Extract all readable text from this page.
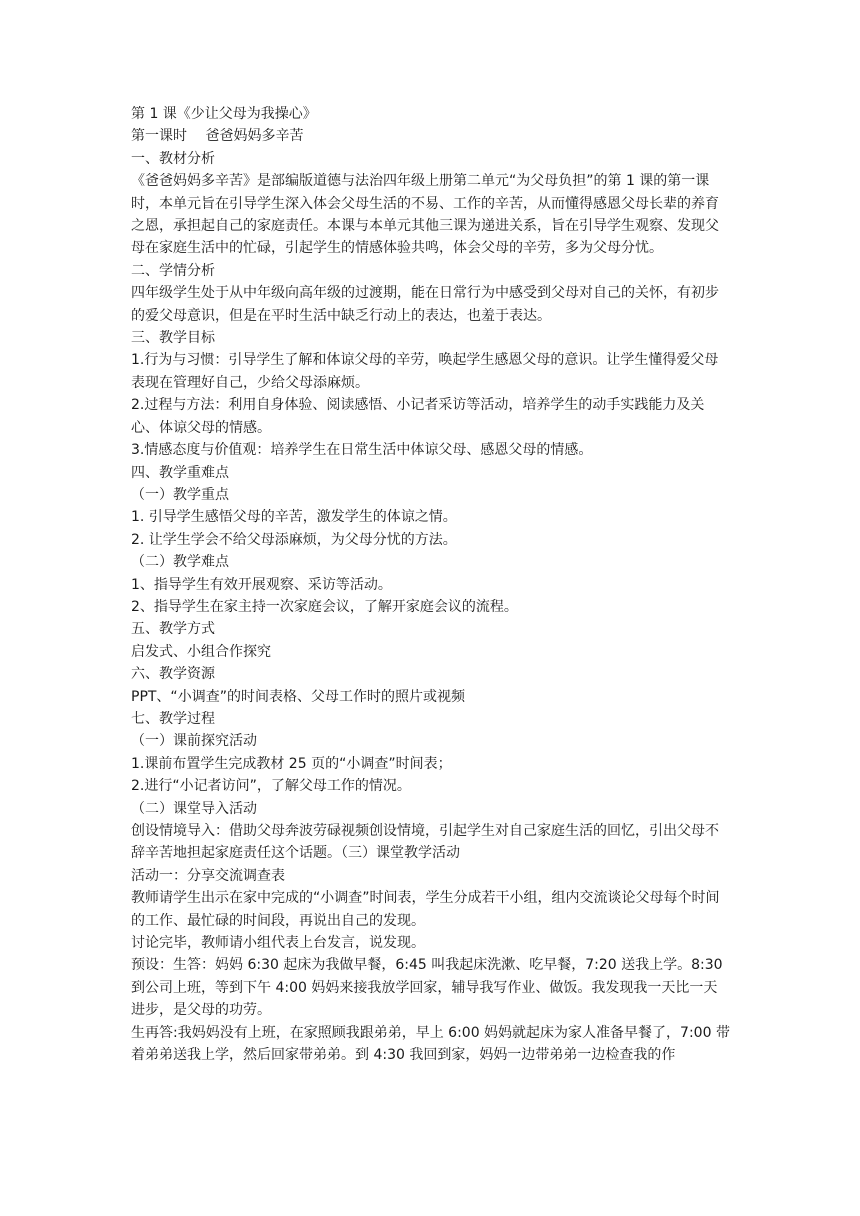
第 1 课《少让父母为我操心》

第一课时　 爸爸妈妈多辛苦

一、教材分析

《爸爸妈妈多辛苦》是部编版道德与法治四年级上册第二单元“为父母负担”的第 1 课的第一课时，本单元旨在引导学生深入体会父母生活的不易、工作的辛苦，从而懂得感恩父母长辈的养育之恩，承担起自己的家庭责任。本课与本单元其他三课为递进关系，旨在引导学生观察、发现父母在家庭生活中的忙碌，引起学生的情感体验共鸣，体会父母的辛劳，多为父母分忧。

二、学情分析

四年级学生处于从中年级向高年级的过渡期，能在日常行为中感受到父母对自己的关怀，有初步的爱父母意识，但是在平时生活中缺乏行动上的表达，也羞于表达。

三、教学目标

1.行为与习惯：引导学生了解和体谅父母的辛劳，唤起学生感恩父母的意识。让学生懂得爱父母表现在管理好自己，少给父母添麻烦。

2.过程与方法：利用自身体验、阅读感悟、小记者采访等活动，培养学生的动手实践能力及关心、体谅父母的情感。

3.情感态度与价值观：培养学生在日常生活中体谅父母、感恩父母的情感。

四、教学重难点

（一）教学重点

1. 引导学生感悟父母的辛苦，激发学生的体谅之情。

2. 让学生学会不给父母添麻烦，为父母分忧的方法。

（二）教学难点

1、指导学生有效开展观察、采访等活动。

2、指导学生在家主持一次家庭会议，了解开家庭会议的流程。

五、教学方式

启发式、小组合作探究

六、教学资源

PPT、“小调查”的时间表格、父母工作时的照片或视频

七、教学过程

（一）课前探究活动

1.课前布置学生完成教材 25 页的“小调查”时间表；

2.进行“小记者访问”，了解父母工作的情况。

（二）课堂导入活动

创设情境导入：借助父母奔波劳碌视频创设情境，引起学生对自己家庭生活的回忆，引出父母不辞辛苦地担起家庭责任这个话题。（三）课堂教学活动

活动一：分享交流调查表

教师请学生出示在家中完成的“小调查”时间表，学生分成若干小组，组内交流谈论父母每个时间的工作、最忙碌的时间段，再说出自己的发现。

讨论完毕，教师请小组代表上台发言，说发现。

预设：生答：妈妈 6:30 起床为我做早餐，6:45 叫我起床洗漱、吃早餐，7:20 送我上学。8:30 到公司上班，等到下午 4:00 妈妈来接我放学回家，辅导我写作业、做饭。我发现我一天比一天进步，是父母的功劳。

生再答:我妈妈没有上班，在家照顾我跟弟弟，早上 6:00 妈妈就起床为家人准备早餐了，7:00 带着弟弟送我上学，然后回家带弟弟。到 4:30 我回到家，妈妈一边带弟弟一边检查我的作
